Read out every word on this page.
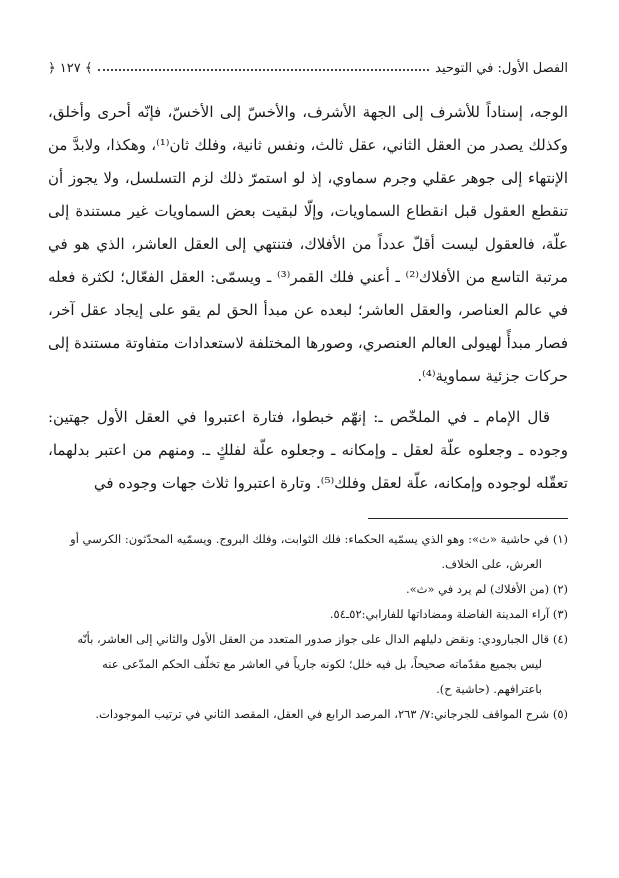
الفصل الأول: في التوحيد
﴾ ١٢٧ ﴿

الوجه، إسناداً للأشرف إلى الجهة الأشرف، والأخسّ إلى الأخسّ، فإنّه أحرى وأخلق، وكذلك يصدر من العقل الثاني، عقل ثالث، ونفس ثانية، وفلك ثان⁽¹⁾، وهكذا، ولابدَّ من الإنتهاء إلى جوهر عقلي وجرم سماوي، إذ لو استمرّ ذلك لزم التسلسل، ولا يجوز أن تنقطع العقول قبل انقطاع السماويات، وإلّا لبقيت بعض السماويات غير مستندة إلى علّة، فالعقول ليست أقلّ عدداً من الأفلاك، فتنتهي إلى العقل العاشر، الذي هو في مرتبة التاسع من الأفلاك⁽²⁾ ـ أعني فلك القمر⁽³⁾ ـ ويسمّى: العقل الفعّال؛ لكثرة فعله في عالم العناصر، والعقل العاشر؛ لبعده عن مبدأ الحق لم يقو على إيجاد عقل آخر، فصار مبدأً لهيولى العالم العنصري، وصورها المختلفة لاستعدادات متفاوتة مستندة إلى حركات جزئية سماوية⁽⁴⁾.

قال الإمام ـ في الملخّص ـ: إنهّم خبطوا، فتارة اعتبروا في العقل الأول جهتين: وجوده ـ وجعلوه علّة لعقل ـ وإمكانه ـ وجعلوه علّة لفلكٍ ـ. ومنهم من اعتبر بدلهما، تعقّله لوجوده وإمكانه، علّة لعقل وفلك⁽⁵⁾. وتارة اعتبروا ثلاث جهات وجوده في

(١) في حاشية «ث»: وهو الذي يسمّيه الحكماء: فلك الثوابت، وفلك البروج. ويسمّيه المحدّثون: الكرسي أو

العرش، على الخلاف.

(٢) (من الأفلاك) لم يرد في «ث».

(٣) آراء المدينة الفاضلة ومضاداتها للفارابي:٥٢ـ٥٤.

(٤) قال الجبارودي: ونقض دليلهم الدال على جواز صدور المتعدد من العقل الأول والثاني إلى العاشر، بأنّه

ليس بجميع مقدّماته صحيحاً، بل فيه خلل؛ لكونه جارياً في العاشر مع تخلّف الحكم المدّعى عنه

باعترافهم. (حاشية ح).

(٥) شرح المواقف للجرجاني:٧/ ٢٦٣، المرصد الرابع في العقل، المقصد الثاني في ترتيب الموجودات.
